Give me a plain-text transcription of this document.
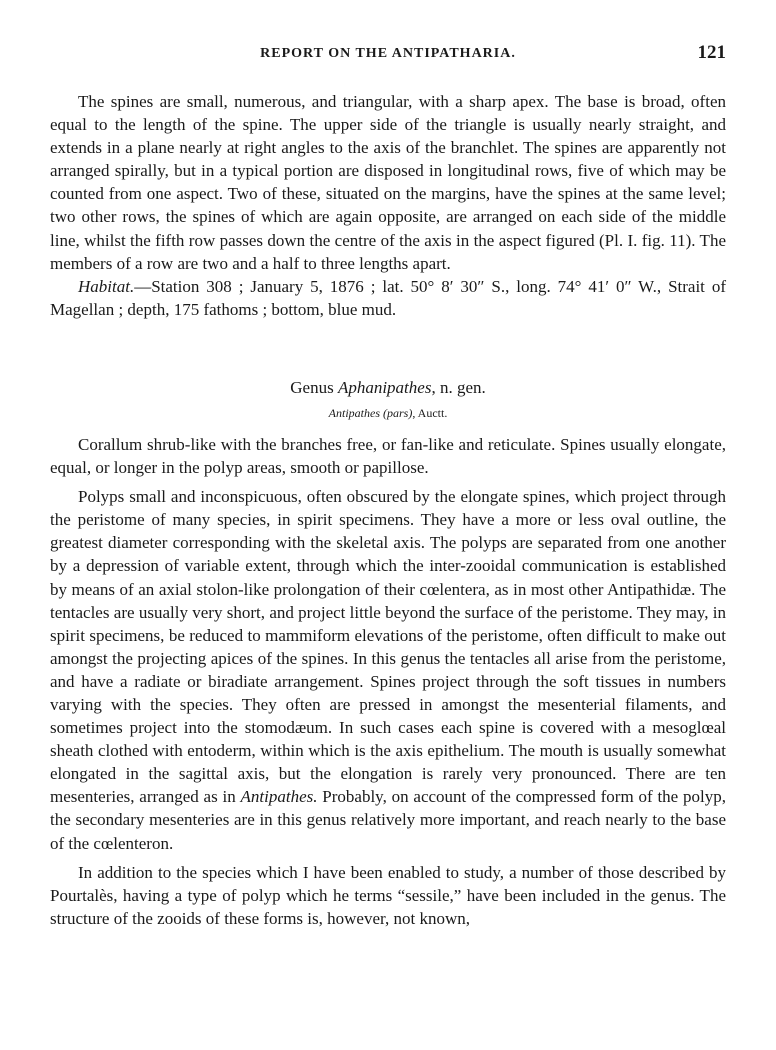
REPORT ON THE ANTIPATHARIA.	121

The spines are small, numerous, and triangular, with a sharp apex. The base is broad, often equal to the length of the spine. The upper side of the triangle is usually nearly straight, and extends in a plane nearly at right angles to the axis of the branchlet. The spines are apparently not arranged spirally, but in a typical portion are disposed in longitudinal rows, five of which may be counted from one aspect. Two of these, situated on the margins, have the spines at the same level; two other rows, the spines of which are again opposite, are arranged on each side of the middle line, whilst the fifth row passes down the centre of the axis in the aspect figured (Pl. I. fig. 11). The members of a row are two and a half to three lengths apart.

Habitat.—Station 308 ; January 5, 1876 ; lat. 50° 8′ 30″ S., long. 74° 41′ 0″ W., Strait of Magellan ; depth, 175 fathoms ; bottom, blue mud.

Genus Aphanipathes, n. gen.
Antipathes (pars), Auctt.

Corallum shrub-like with the branches free, or fan-like and reticulate. Spines usually elongate, equal, or longer in the polyp areas, smooth or papillose.

Polyps small and inconspicuous, often obscured by the elongate spines, which project through the peristome of many species, in spirit specimens. They have a more or less oval outline, the greatest diameter corresponding with the skeletal axis. The polyps are separated from one another by a depression of variable extent, through which the inter-zooidal communication is established by means of an axial stolon-like prolongation of their cœlentera, as in most other Antipathidæ. The tentacles are usually very short, and project little beyond the surface of the peristome. They may, in spirit specimens, be reduced to mammiform elevations of the peristome, often difficult to make out amongst the projecting apices of the spines. In this genus the tentacles all arise from the peristome, and have a radiate or biradiate arrangement. Spines project through the soft tissues in numbers varying with the species. They often are pressed in amongst the mesenterial filaments, and sometimes project into the stomodæum. In such cases each spine is covered with a mesoglœal sheath clothed with entoderm, within which is the axis epithelium. The mouth is usually somewhat elongated in the sagittal axis, but the elongation is rarely very pronounced. There are ten mesenteries, arranged as in Antipathes. Probably, on account of the compressed form of the polyp, the secondary mesenteries are in this genus relatively more important, and reach nearly to the base of the cœlenteron.

In addition to the species which I have been enabled to study, a number of those described by Pourtalès, having a type of polyp which he terms “sessile,” have been included in the genus. The structure of the zooids of these forms is, however, not known,
